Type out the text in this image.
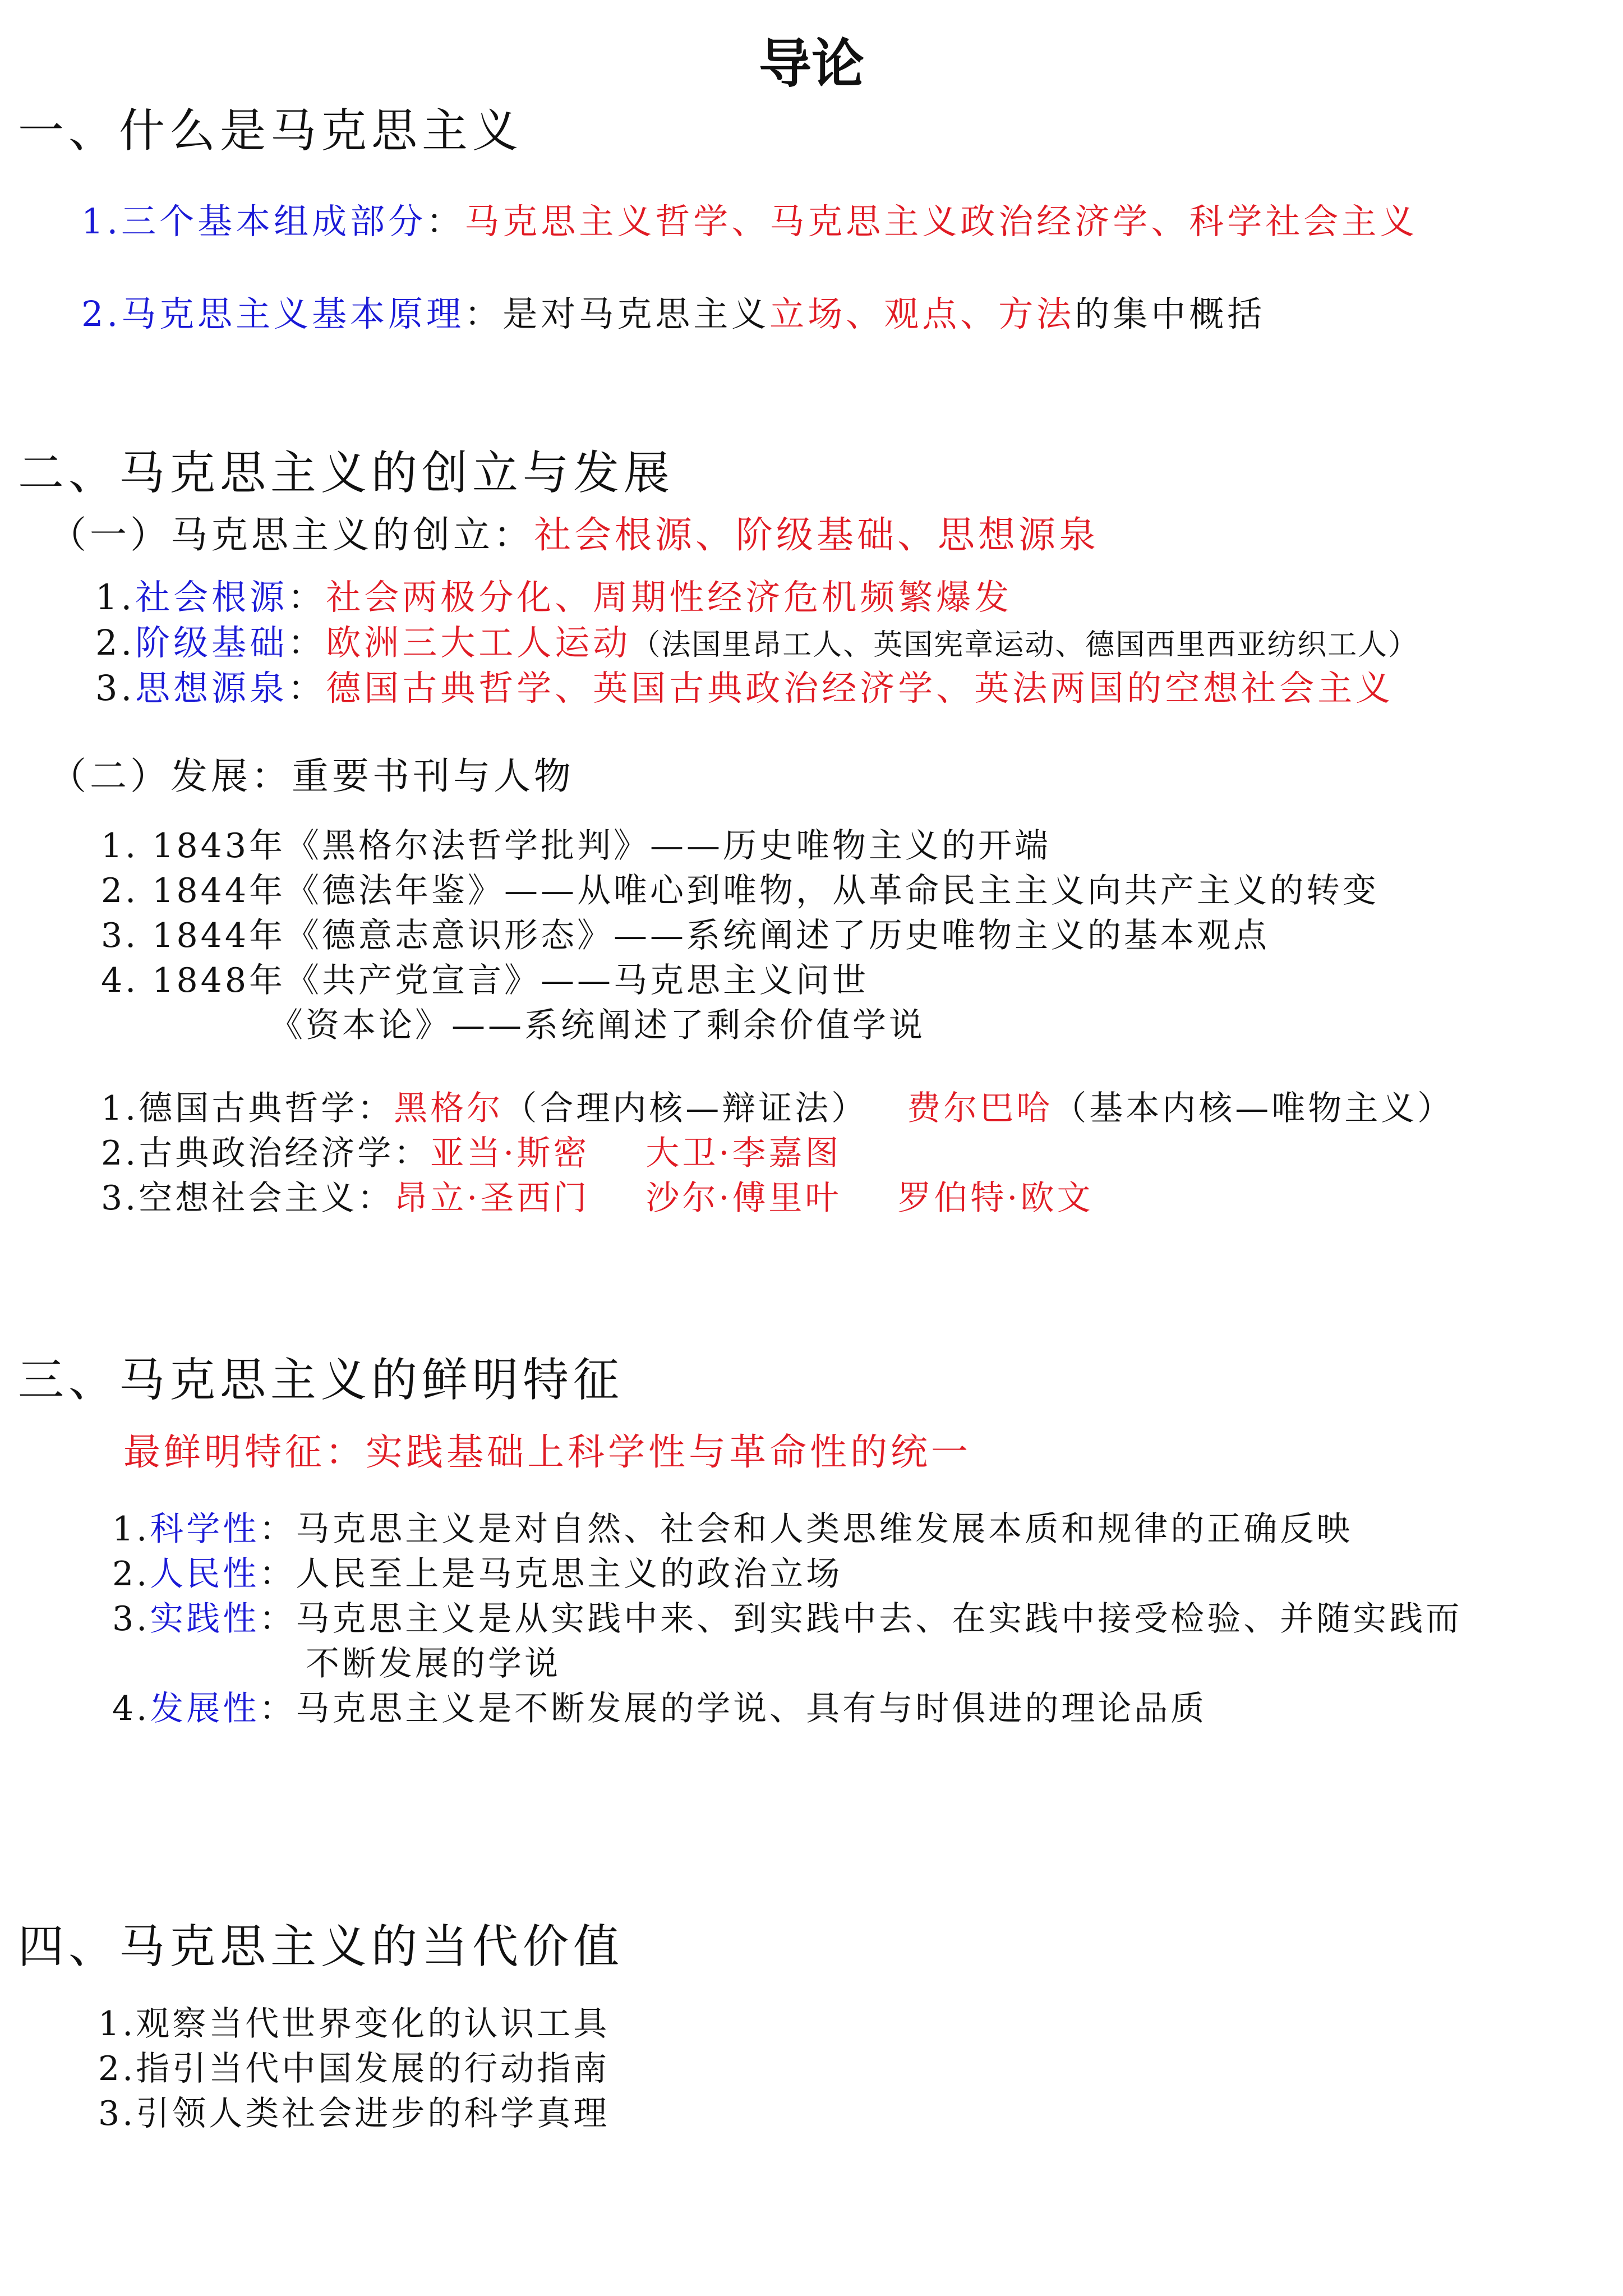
导论
一、什么是马克思主义
1.三个基本组成部分：马克思主义哲学、马克思主义政治经济学、科学社会主义
2.马克思主义基本原理：是对马克思主义立场、观点、方法的集中概括
二、马克思主义的创立与发展
（一）马克思主义的创立：社会根源、阶级基础、思想源泉
1.社会根源：社会两极分化、周期性经济危机频繁爆发
2.阶级基础：欧洲三大工人运动（法国里昂工人、英国宪章运动、德国西里西亚纺织工人）
3.思想源泉：德国古典哲学、英国古典政治经济学、英法两国的空想社会主义
（二）发展：重要书刊与人物
1. 1843年《黑格尔法哲学批判》——历史唯物主义的开端
2. 1844年《德法年鉴》——从唯心到唯物，从革命民主主义向共产主义的转变
3. 1844年《德意志意识形态》——系统阐述了历史唯物主义的基本观点
4. 1848年《共产党宣言》——马克思主义问世
《资本论》——系统阐述了剩余价值学说
1.德国古典哲学：黑格尔（合理内核—辩证法） 费尔巴哈（基本内核—唯物主义）
2.古典政治经济学：亚当·斯密 大卫·李嘉图
3.空想社会主义：昂立·圣西门 沙尔·傅里叶 罗伯特·欧文
三、马克思主义的鲜明特征
最鲜明特征：实践基础上科学性与革命性的统一
1.科学性：马克思主义是对自然、社会和人类思维发展本质和规律的正确反映
2.人民性：人民至上是马克思主义的政治立场
3.实践性：马克思主义是从实践中来、到实践中去、在实践中接受检验、并随实践而
不断发展的学说
4.发展性：马克思主义是不断发展的学说、具有与时俱进的理论品质
四、马克思主义的当代价值
1.观察当代世界变化的认识工具
2.指引当代中国发展的行动指南
3.引领人类社会进步的科学真理
